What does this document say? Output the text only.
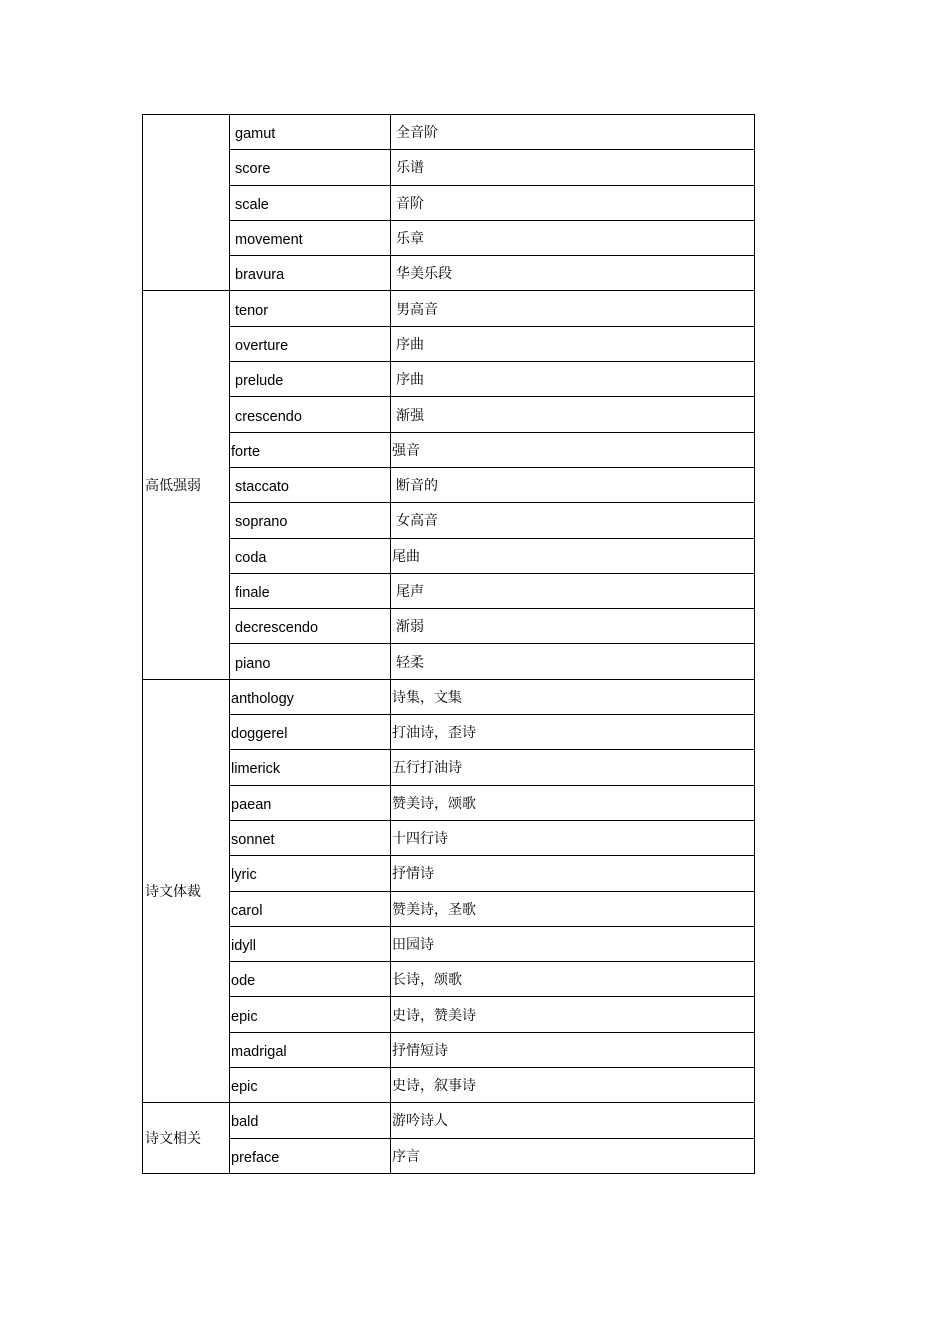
	gamut	全音阶
	score	乐谱
	scale	音阶
	movement	乐章
	bravura	华美乐段
高低强弱	tenor	男高音
	overture	序曲
	prelude	序曲
	crescendo	渐强
	forte	强音
	staccato	断音的
	soprano	女高音
	coda	尾曲
	finale	尾声
	decrescendo	渐弱
	piano	轻柔
诗文体裁	anthology	诗集，文集
	doggerel	打油诗，歪诗
	limerick	五行打油诗
	paean	赞美诗，颂歌
	sonnet	十四行诗
	lyric	抒情诗
	carol	赞美诗，圣歌
	idyll	田园诗
	ode	长诗，颂歌
	epic	史诗，赞美诗
	madrigal	抒情短诗
	epic	史诗，叙事诗
诗文相关	bald	游吟诗人
	preface	序言
